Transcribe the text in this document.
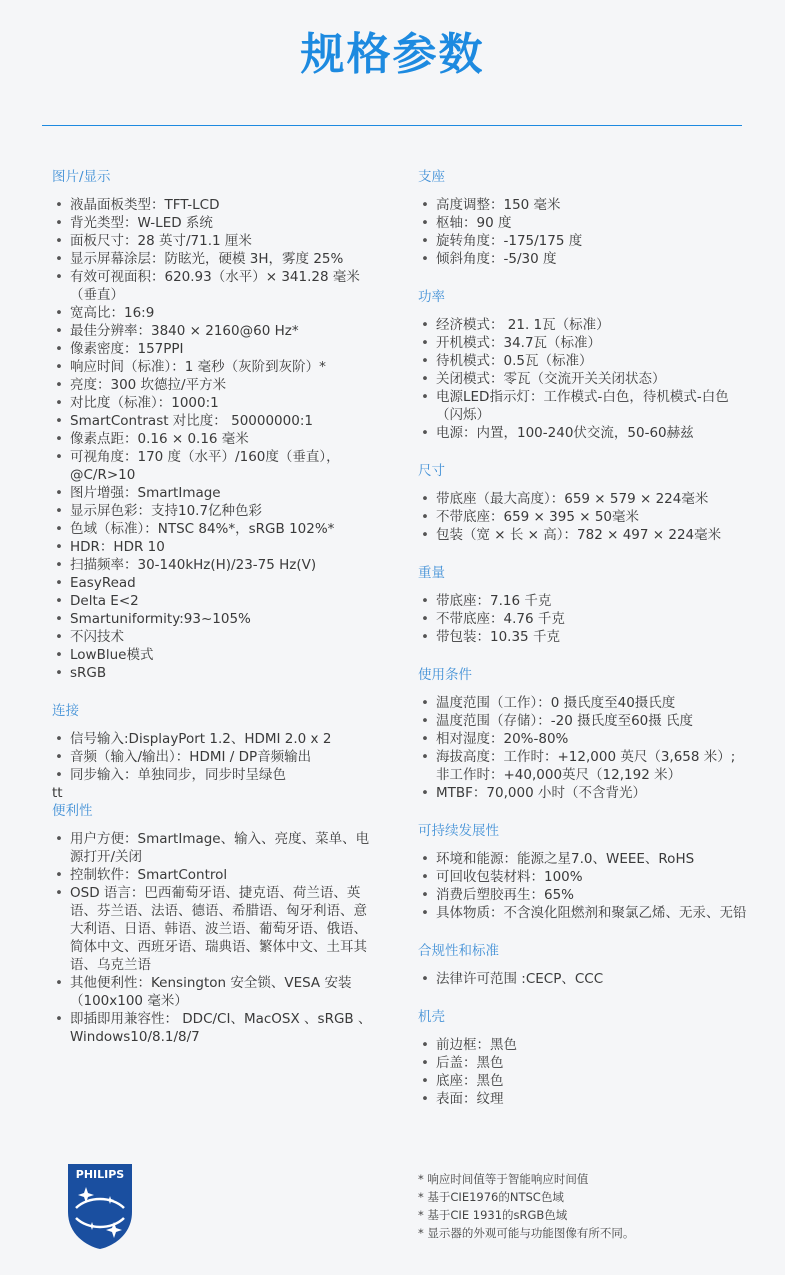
规格参数
图片/显示
• 液晶面板类型：TFT-LCD
• 背光类型：W-LED 系统
• 面板尺寸：28 英寸/71.1 厘米
• 显示屏幕涂层：防眩光，硬模 3H，雾度 25%
• 有效可视面积：620.93（水平）× 341.28 毫米（垂直）
• 宽高比：16:9
• 最佳分辨率：3840 × 2160@60 Hz*
• 像素密度：157PPI
• 响应时间（标准）：1 毫秒（灰阶到灰阶）*
• 亮度：300 坎德拉/平方米
• 对比度（标准）：1000:1
• SmartContrast 对比度： 50000000:1
• 像素点距：0.16 × 0.16 毫米
• 可视角度：170 度（水平）/160度（垂直），@C/R>10
• 图片增强：SmartImage
• 显示屏色彩：支持10.7亿种色彩
• 色域（标准）：NTSC 84%*，sRGB 102%*
• HDR：HDR 10
• 扫描频率：30-140kHz(H)/23-75 Hz(V)
• EasyRead
• Delta E<2
• Smartuniformity:93~105%
• 不闪技术
• LowBlue模式
• sRGB
连接
• 信号输入:DisplayPort 1.2、HDMI 2.0 x 2
• 音频（输入/输出）：HDMI / DP音频输出
• 同步输入：单独同步，同步时呈绿色
tt
便利性
• 用户方便：SmartImage、输入、亮度、菜单、电源打开/关闭
• 控制软件：SmartControl
• OSD 语言：巴西葡萄牙语、捷克语、荷兰语、英语、芬兰语、法语、德语、希腊语、匈牙利语、意大利语、日语、韩语、波兰语、葡萄牙语、俄语、简体中文、西班牙语、瑞典语、繁体中文、土耳其语、乌克兰语
• 其他便利性：Kensington 安全锁、VESA 安装（100x100 毫米）
• 即插即用兼容性： DDC/CI、MacOSX 、sRGB 、 Windows10/8.1/8/7
支座
• 高度调整：150 毫米
• 枢轴：90 度
• 旋转角度：-175/175 度
• 倾斜角度：-5/30 度
功率
• 经济模式： 21. 1瓦（标准）
• 开机模式：34.7瓦（标准）
• 待机模式：0.5瓦（标准）
• 关闭模式：零瓦（交流开关关闭状态）
• 电源LED指示灯：工作模式-白色，待机模式-白色（闪烁）
• 电源：内置，100-240伏交流，50-60赫兹
尺寸
• 带底座（最大高度）：659 × 579 × 224毫米
• 不带底座：659 × 395 × 50毫米
• 包装（宽 × 长 × 高）：782 × 497 × 224毫米
重量
• 带底座：7.16 千克
• 不带底座：4.76 千克
• 带包装：10.35 千克
使用条件
• 温度范围（工作）：0 摄氏度至40摄氏度
• 温度范围（存储）：-20 摄氏度至60摄 氏度
• 相对湿度：20%-80%
• 海拔高度：工作时：+12,000 英尺（3,658 米）;非工作时：+40,000英尺（12,192 米）
• MTBF：70,000 小时（不含背光）
可持续发展性
• 环境和能源：能源之星7.0、WEEE、RoHS
• 可回收包装材料：100%
• 消费后塑胶再生：65%
• 具体物质：不含溴化阻燃剂和聚氯乙烯、无汞、无铅
合规性和标准
• 法律许可范围 :CECP、CCC
机壳
• 前边框：黑色
• 后盖：黑色
• 底座：黑色
• 表面：纹理
PHILIPS	* 响应时间值等于智能响应时间值
* 基于CIE1976的NTSC色域
* 基于CIE 1931的sRGB色域
* 显示器的外观可能与功能图像有所不同。
